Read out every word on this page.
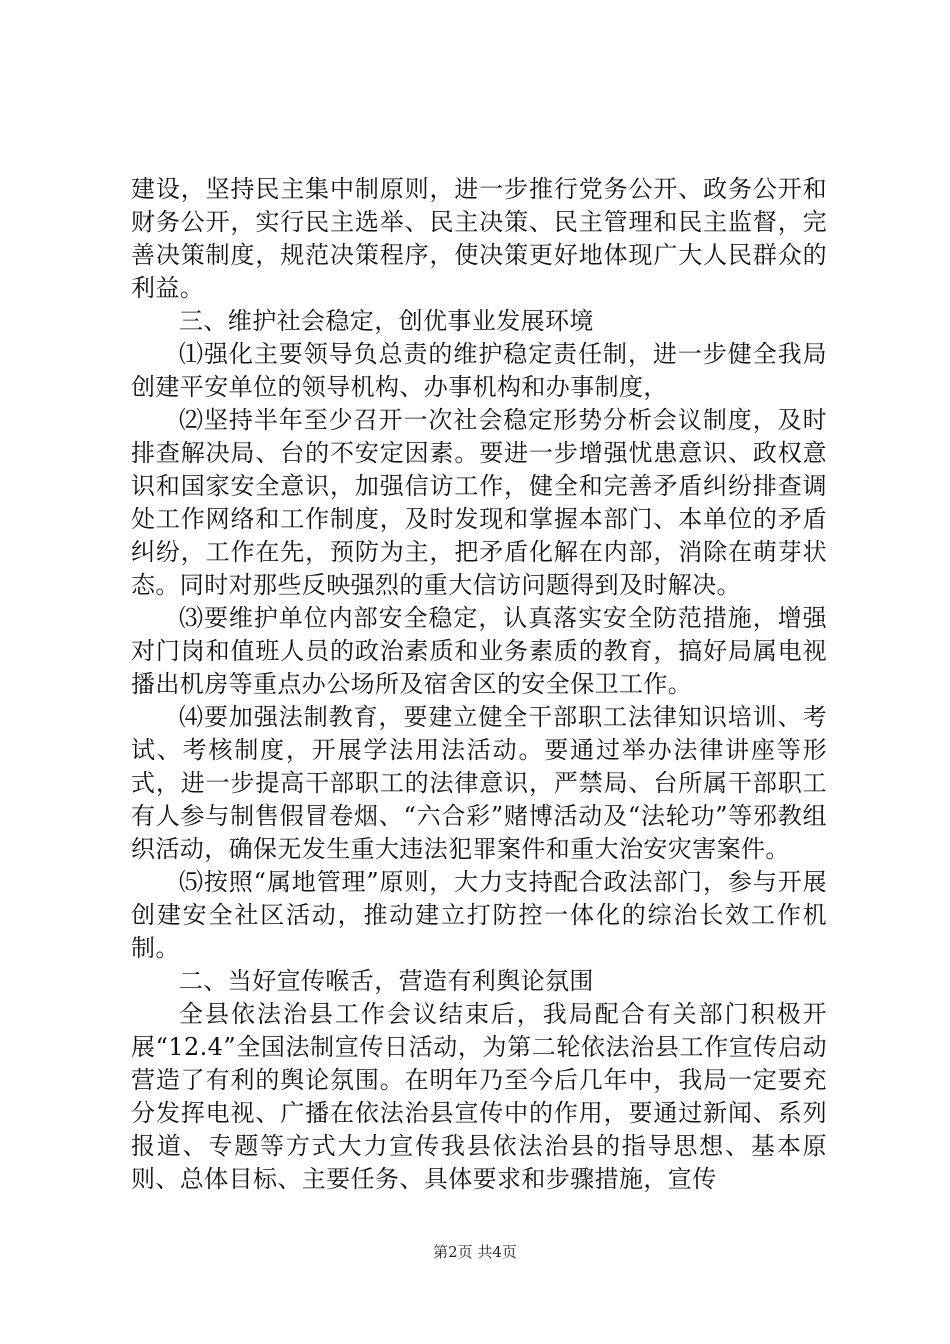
建设，坚持民主集中制原则，进一步推行党务公开、政务公开和财务公开，实行民主选举、民主决策、民主管理和民主监督，完善决策制度，规范决策程序，使决策更好地体现广大人民群众的利益。

三、维护社会稳定，创优事业发展环境

⑴强化主要领导负总责的维护稳定责任制，进一步健全我局创建平安单位的领导机构、办事机构和办事制度，

⑵坚持半年至少召开一次社会稳定形势分析会议制度，及时排查解决局、台的不安定因素。要进一步增强忧患意识、政权意识和国家安全意识，加强信访工作，健全和完善矛盾纠纷排查调处工作网络和工作制度，及时发现和掌握本部门、本单位的矛盾纠纷，工作在先，预防为主，把矛盾化解在内部，消除在萌芽状态。同时对那些反映强烈的重大信访问题得到及时解决。

⑶要维护单位内部安全稳定，认真落实安全防范措施，增强对门岗和值班人员的政治素质和业务素质的教育，搞好局属电视播出机房等重点办公场所及宿舍区的安全保卫工作。

⑷要加强法制教育，要建立健全干部职工法律知识培训、考试、考核制度，开展学法用法活动。要通过举办法律讲座等形式，进一步提高干部职工的法律意识，严禁局、台所属干部职工有人参与制售假冒卷烟、“六合彩”赌博活动及“法轮功”等邪教组织活动，确保无发生重大违法犯罪案件和重大治安灾害案件。

⑸按照“属地管理”原则，大力支持配合政法部门，参与开展创建安全社区活动，推动建立打防控一体化的综治长效工作机制。

二、当好宣传喉舌，营造有利舆论氛围

全县依法治县工作会议结束后，我局配合有关部门积极开展“12.4”全国法制宣传日活动，为第二轮依法治县工作宣传启动营造了有利的舆论氛围。在明年乃至今后几年中，我局一定要充分发挥电视、广播在依法治县宣传中的作用，要通过新闻、系列报道、专题等方式大力宣传我县依法治县的指导思想、基本原则、总体目标、主要任务、具体要求和步骤措施，宣传

第2页 共4页
